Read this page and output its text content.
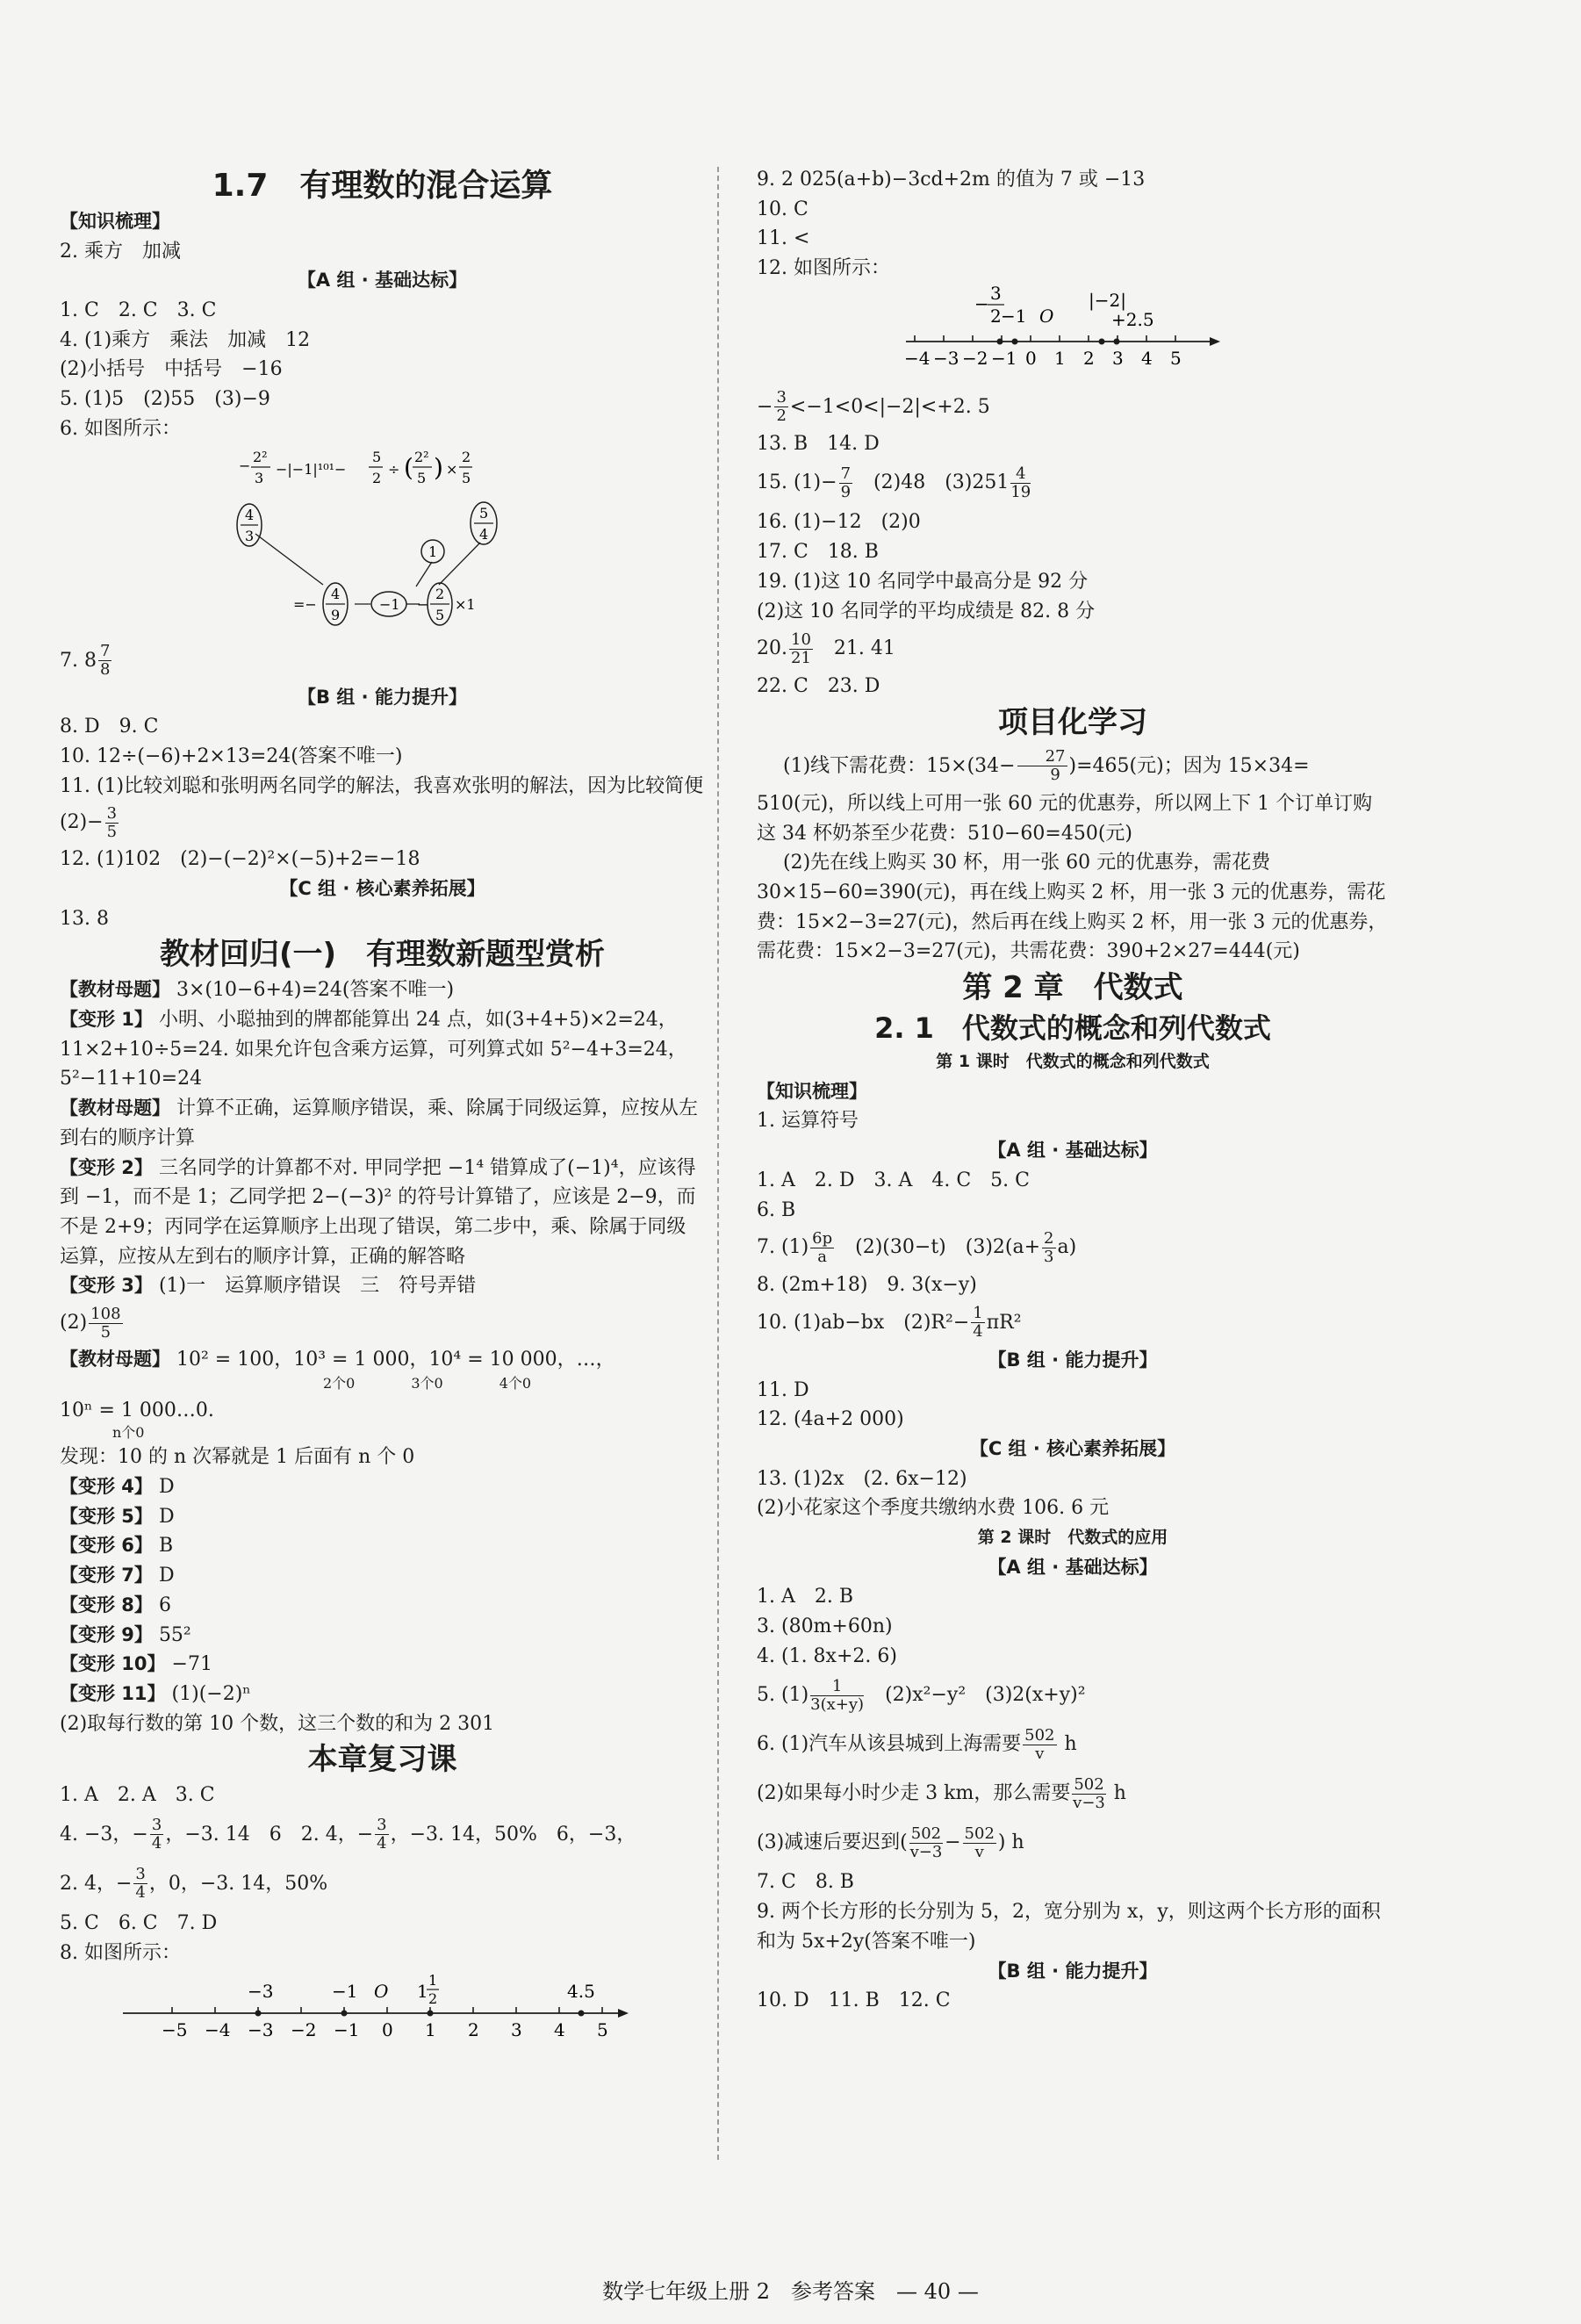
1.7　有理数的混合运算
【知识梳理】
2. 乘方　加减
【A 组 · 基础达标】
1. C　2. C　3. C
4. (1)乘方　乘法　加减　12
(2)小括号　中括号　−16
5. (1)5　(2)55　(3)−9
6. 如图所示：
−
2²
3
−|−1|¹⁰¹−
5
2
÷ ( 2²
5 ) ×
2
5
4
3
1
5
4
=−
4
9
−1 −
2
5
×1
7. $8 \frac{7}{8}$
【B 组 · 能力提升】
8. D　9. C
10. 12÷(−6)+2×13=24(答案不唯一)
11. (1)比较刘聪和张明两名同学的解法，我喜欢张明的解法，因为比较简便
$(2)- \frac{3}{5}$
12. (1)102　(2)−(−2)²×(−5)+2=−18
【C 组 · 核心素养拓展】
13. 8
教材回归(一)　有理数新题型赏析
【教材母题】 3×(10−6+4)=24(答案不唯一)
【变形 1】 小明、小聪抽到的牌都能算出 24 点，如(3+4+5)×2=24，11×2+10÷5=24. 如果允许包含乘方运算，可列算式如 5²−4+3=24，5²−11+10=24
【教材母题】 计算不正确，运算顺序错误，乘、除属于同级运算，应按从左到右的顺序计算
【变形 2】 三名同学的计算都不对. 甲同学把 −1⁴ 错算成了(−1)⁴，应该得到 −1，而不是 1；乙同学把 2−(−3)² 的符号计算错了，应该是 2−9，而不是 2+9；丙同学在运算顺序上出现了错误，第二步中，乘、除属于同级运算，应按从左到右的顺序计算，正确的解答略
【变形 3】 (1)一　运算顺序错误　三　符号弄错
$(2) \frac{108}{5}$
【教材母题】 10² = 100，10³ = 1 000，10⁴ = 10 000，…，
2个0　　　　3个0　　　　4个0
10ⁿ = 1 000…0.
n个0
发现：10 的 n 次幂就是 1 后面有 n 个 0
【变形 4】 D
【变形 5】 D
【变形 6】 B
【变形 7】 D
【变形 8】 6
【变形 9】 55²
【变形 10】 −71
【变形 11】 (1)(−2)ⁿ
(2)取每行数的第 10 个数，这三个数的和为 2 301
本章复习课
1. A　2. A　3. C
4. −3，− $\frac{3}{4}$ ，−3. 14　6　2. 4，− $\frac{3}{4}$ ，−3. 14，50%　6，−3，
2. 4，− $\frac{3}{4}$ ，0，−3. 14，50%
5. C　6. C　7. D
8. 如图所示：
−5 −4 −3 −2 −1 0 1 2 3 4 5
−3	−1 O 1
1
2	4.5
9. 2 025(a+b)−3cd+2m 的值为 7 或 −13
10. C
11. <
12. 如图所示：
−4 −3 −2 −1 0 1 2 3 4 5
− 3
2 −1 O
|−2|
+2.5
− $\frac{3}{2} <-1<0<|-2|<+2$. 5
13. B　14. D
15. $(1)- \frac{7}{9}$ 　(2)48　$(3)251 \frac{4}{19}$
16. (1)−12　(2)0
17. C　18. B
19. (1)这 10 名同学中最高分是 92 分
(2)这 10 名同学的平均成绩是 82. 8 分
20. $\frac{10}{21}$ 　21. 41
22. C　23. D
项目化学习
(1)线下需花费：$15\times(34- \frac{27}{9} )=465$(元)；因为 15×34=
510(元)，所以线上可用一张 60 元的优惠券，所以网上下 1 个订单订购这 34 杯奶茶至少花费：510−60=450(元)
(2)先在线上购买 30 杯，用一张 60 元的优惠券，需花费 30×15−60=390(元)，再在线上购买 2 杯，用一张 3 元的优惠券，需花费：15×2−3=27(元)，然后再在线上购买 2 杯，用一张 3 元的优惠券，需花费：15×2−3=27(元)，共需花费：390+2×27=444(元)
第 2 章　代数式
2. 1　代数式的概念和列代数式
第 1 课时　代数式的概念和列代数式
【知识梳理】
1. 运算符号
【A 组 · 基础达标】
1. A　2. D　3. A　4. C　5. C
6. B
7. $(1) \frac{6p}{a}$ 　(2)(30−t)　$(3)2(a+ \frac{2}{3} a)$
8. (2m+18)　9. 3(x−y)
10. (1)ab−bx　$(2)R^2- \frac{1}{4} \pi R^2$
【B 组 · 能力提升】
11. D
12. (4a+2 000)
【C 组 · 核心素养拓展】
13. (1)2x　(2. 6x−12)
(2)小花家这个季度共缴纳水费 106. 6 元
第 2 课时　代数式的应用
【A 组 · 基础达标】
1. A　2. B
3. (80m+60n)
4. (1. 8x+2. 6)
5. $(1) \frac{1}{3(x+y)}$ 　(2)x²−y²　(3)2(x+y)²
6. (1)汽车从该县城到上海需要 $\frac{502}{v}$ h
(2)如果每小时少走 3 km，那么需要 $\frac{502}{v-3}$ h
(3)减速后要迟到( $\frac{502}{v-3} - \frac{502}{v}$ ) h
7. C　8. B
9. 两个长方形的长分别为 5，2，宽分别为 x，y，则这两个长方形的面积和为 5x+2y(答案不唯一)
【B 组 · 能力提升】
10. D　11. B　12. C
数学七年级上册 2　参考答案　— 40 —
